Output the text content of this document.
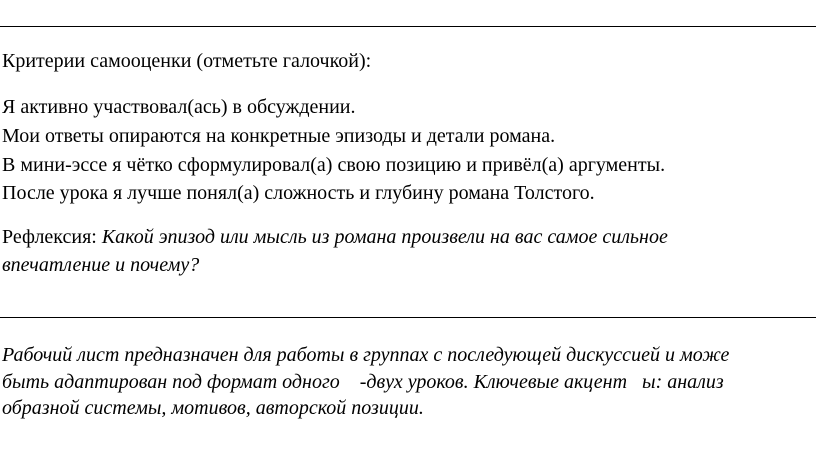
Критерии самооценки (отметьте галочкой):
Я активно участвовал(ась) в обсуждении.
Мои ответы опираются на конкретные эпизоды и детали романа.
В мини-эссе я чётко сформулировал(а) свою позицию и привёл(а) аргументы.
После урока я лучше понял(а) сложность и глубину романа Толстого.
Рефлексия: Какой эпизод или мысль из романа произвели на вас самое сильное
впечатление и почему?
Рабочий лист предназначен для работы в группах с последующей дискуссией и може
быть адаптирован под формат одного    -двух уроков. Ключевые акцент   ы: анализ
образной системы, мотивов, авторской позиции.
